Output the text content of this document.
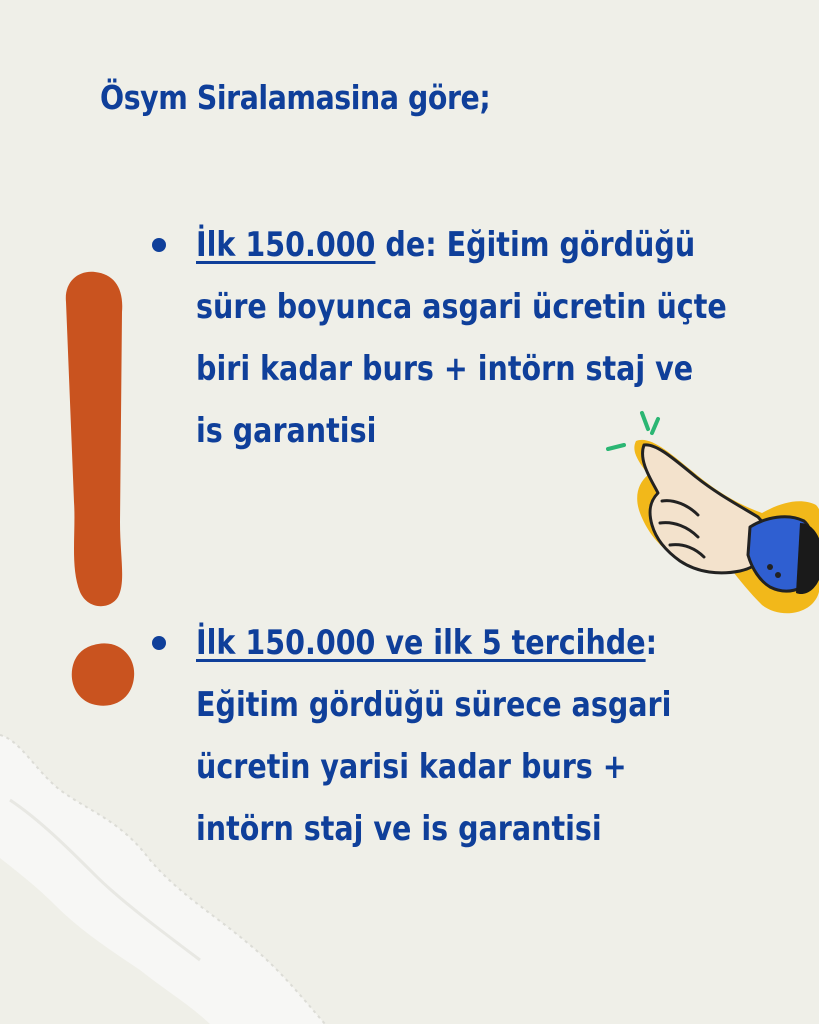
Ösym Siralamasina göre;
İlk 150.000 de: Eğitim gördüğü
süre boyunca asgari ücretin üçte
biri kadar burs + intörn staj ve
is garantisi
İlk 150.000 ve ilk 5 tercihde:
Eğitim gördüğü sürece asgari
ücretin yarisi kadar burs +
intörn staj ve is garantisi
